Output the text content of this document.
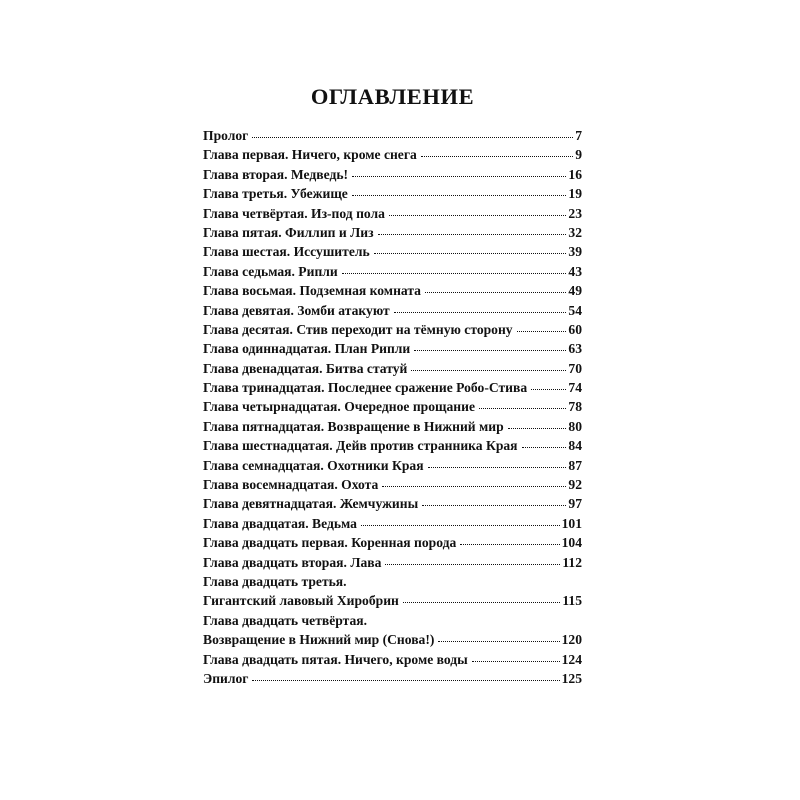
ОГЛАВЛЕНИЕ
Пролог	7
Глава первая. Ничего, кроме снега	9
Глава вторая. Медведь!	16
Глава третья. Убежище	19
Глава четвёртая. Из-под пола	23
Глава пятая. Филлип и Лиз	32
Глава шестая. Иссушитель	39
Глава седьмая. Рипли	43
Глава восьмая. Подземная комната	49
Глава девятая. Зомби атакуют	54
Глава десятая. Стив переходит на тёмную сторону	60
Глава одиннадцатая. План Рипли	63
Глава двенадцатая. Битва статуй	70
Глава тринадцатая. Последнее сражение Робо-Стива	74
Глава четырнадцатая. Очередное прощание	78
Глава пятнадцатая. Возвращение в Нижний мир	80
Глава шестнадцатая. Дейв против странника Края	84
Глава семнадцатая. Охотники Края	87
Глава восемнадцатая. Охота	92
Глава девятнадцатая. Жемчужины	97
Глава двадцатая. Ведьма	101
Глава двадцать первая. Коренная порода	104
Глава двадцать вторая. Лава	112
Глава двадцать третья.
Гигантский лавовый Хиробрин	115
Глава двадцать четвёртая.
Возвращение в Нижний мир (Снова!)	120
Глава двадцать пятая. Ничего, кроме воды	124
Эпилог	125
